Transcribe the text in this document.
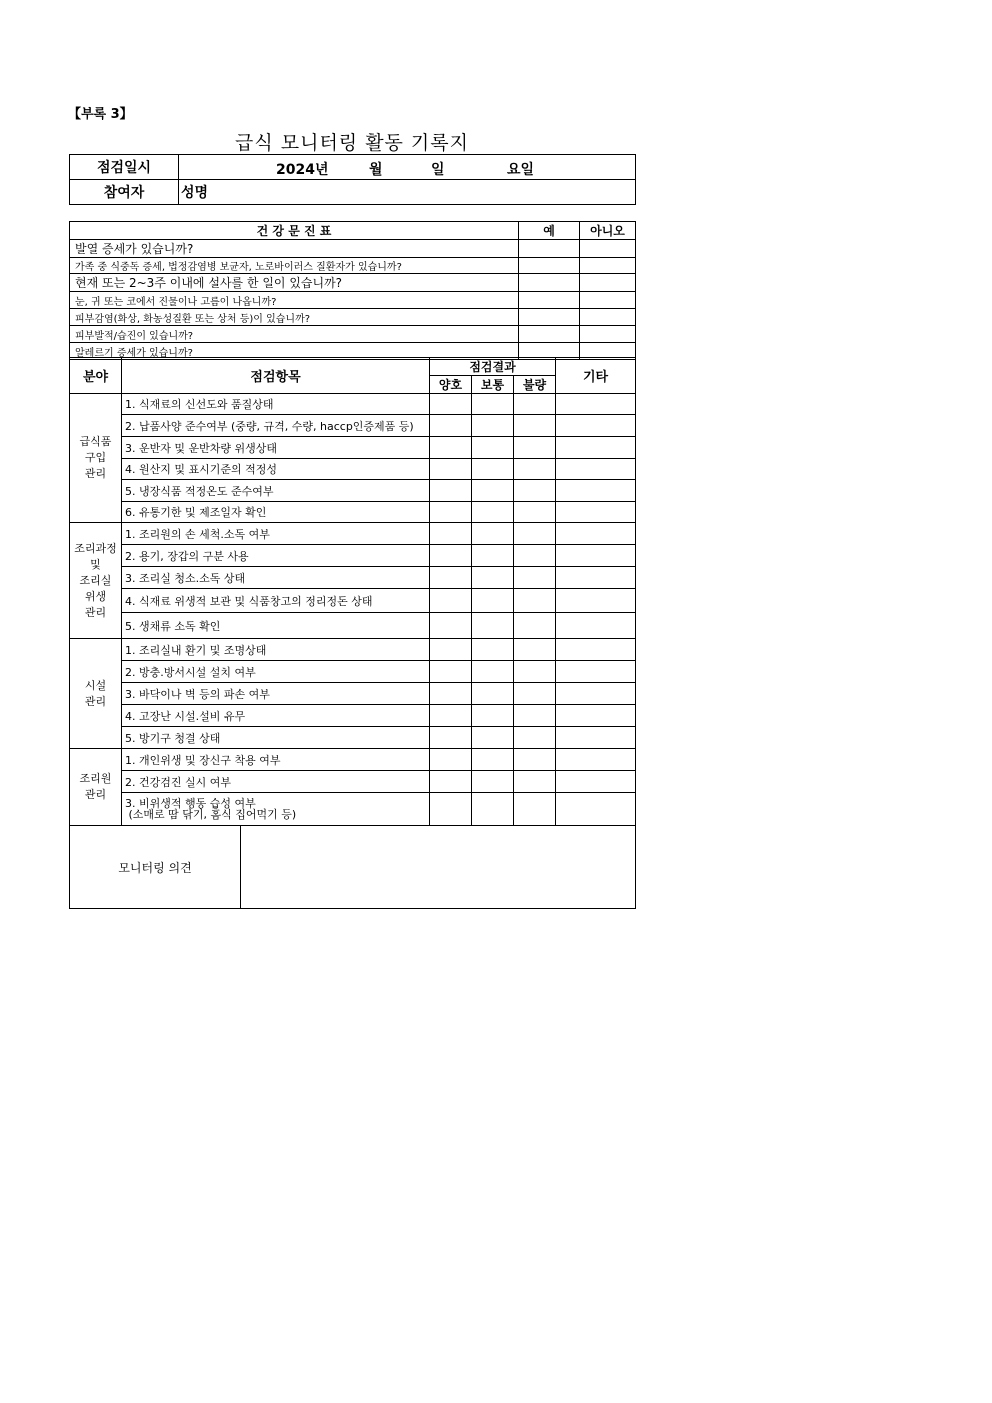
【부록 3】
급식 모니터링 활동 기록지
점검일시	2024년 월 일 요일

참여자	성명
건 강 문 진 표	예	아니오
발열 증세가 있습니까?		
가족 중 식중독 증세, 법정감염병 보균자, 노로바이러스 질환자가 있습니까?		
현재 또는 2~3주 이내에 설사를 한 일이 있습니까?		
눈, 귀 또는 코에서 진물이나 고름이 나옵니까?		
피부감염(화상, 화농성질환 또는 상처 등)이 있습니까?		
피부발적/습진이 있습니까?		
알레르기 증세가 있습니까?		
분야	점검항목		점검결과			기타
			양호	보통	불량	
급식품
구입
관리	1. 식재료의 신선도와 품질상태					
	2. 납품사양 준수여부 (중량, 규격, 수량, haccp인증제품 등)					
	3. 운반자 및 운반차량 위생상태					
	4. 원산지 및 표시기준의 적정성					
	5. 냉장식품 적정온도 준수여부					
	6. 유통기한 및 제조일자 확인					
조리과정
및
조리실
위생
관리	1. 조리원의 손 세척.소독 여부					
	2. 용기, 장갑의 구분 사용					
	3. 조리실 청소.소독 상태					
	4. 식재료 위생적 보관 및 식품창고의 정리정돈 상태					
	5. 생채류 소독 확인					
시설
관리	1. 조리실내 환기 및 조명상태					
	2. 방충.방서시설 설치 여부					
	3. 바닥이나 벽 등의 파손 여부					
	4. 고장난 시설.설비 유무					
	5. 방기구 청결 상태					
조리원
관리	1. 개인위생 및 장신구 착용 여부					
	2. 건강검진 실시 여부					
	3. 비위생적 행동 습성 여부
(소매로 땀 닦기, 홈식 집어먹기 등)					
모니터링 의견						
